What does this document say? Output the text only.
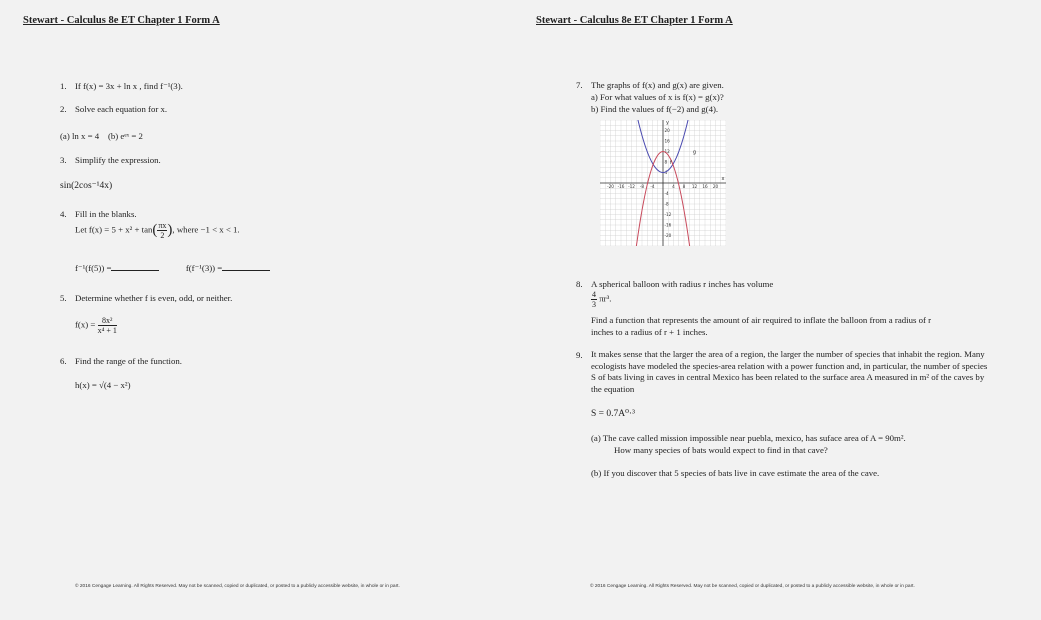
Stewart - Calculus 8e ET Chapter 1 Form A
1. If f(x) = 3x + ln x , find f⁻¹(3).
2. Solve each equation for x.
(a) ln x = 4 (b) eᵉˣ = 2
3. Simplify the expression.
sin(2cos⁻¹4x)
4. Fill in the blanks.
Let $f(x) = 5 + x^2 + \tan( \frac{\pi x}{2}$ ), where −1 < x < 1.
f⁻¹(f(5)) =	f(f⁻¹(3)) =
5. Determine whether f is even, odd, or neither.
$f(x) = \frac{\text{8x²}}{\text{x⁴ + 1}}$
6. Find the range of the function.
h(x) = √(4 − x²)
© 2016 Cengage Learning. All Rights Reserved. May not be scanned, copied or duplicated, or posted to a publicly accessible website, in whole or in part.
Stewart - Calculus 8e ET Chapter 1 Form A
7. The graphs of f(x) and g(x) are given.
a) For what values of x is f(x) = g(x)?
b) Find the values of f(−2) and g(4).
-20 -16 -12 -8 -4	4 8 12 16 20
20
16
12
8
4
-4
-8
-12
-16
-20
y
x
f
g
8. A spherical balloon with radius r inches has volume
$\frac{4}{3} \pi r^3$.
Find a function that represents the amount of air required to inflate the balloon from a radius of r
inches to a radius of r + 1 inches.
9. It makes sense that the larger the area of a region, the larger the number of species that inhabit the region. Many ecologists have modeled the species-area relation with a power function and, in particular, the number of species S of bats living in caves in central Mexico has been related to the surface area A measured in m² of the caves by the equation
S = 0.7A⁰·³
(a) The cave called mission impossible near puebla, mexico, has suface area of A = 90m².
How many species of bats would expect to find in that cave?
(b) If you discover that 5 species of bats live in cave estimate the area of the cave.
© 2016 Cengage Learning. All Rights Reserved. May not be scanned, copied or duplicated, or posted to a publicly accessible website, in whole or in part.
